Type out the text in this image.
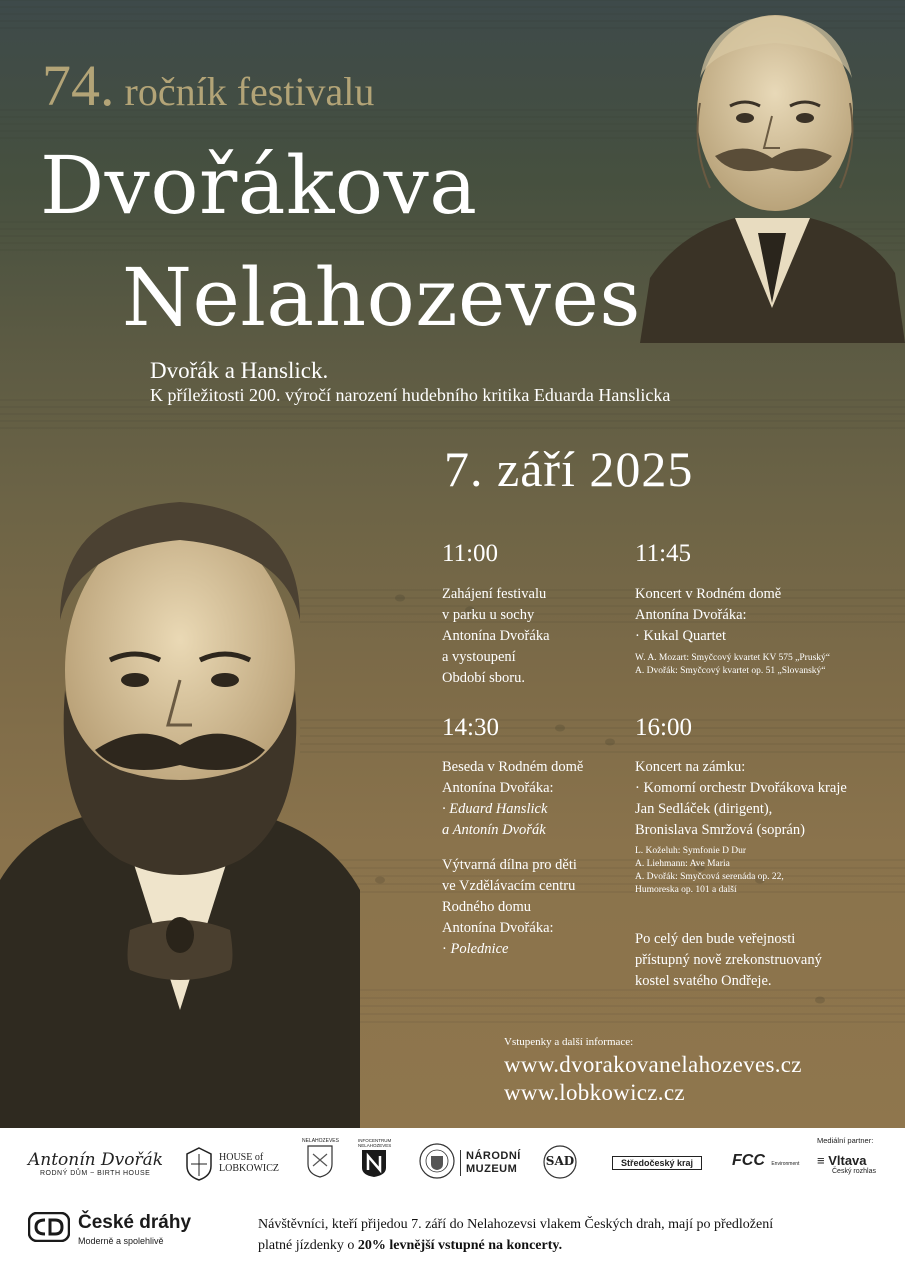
74. ročník festivalu
Dvořákova
Nelahozeves
Dvořák a Hanslick.
K příležitosti 200. výročí narození hudebního kritika Eduarda Hanslicka
7. září 2025
11:00
Zahájení festivalu
v parku u sochy
Antonína Dvořáka
a vystoupení
Období sboru.
11:45
Koncert v Rodném domě
Antonína Dvořáka:
· Kukal Quartet
W. A. Mozart: Smyčcový kvartet KV 575 „Pruský“
A. Dvořák: Smyčcový kvartet op. 51 „Slovanský“
14:30
Beseda v Rodném domě
Antonína Dvořáka:
· Eduard Hanslick
a Antonín Dvořák
Výtvarná dílna pro děti
ve Vzdělávacím centru
Rodného domu
Antonína Dvořáka:
· Polednice
16:00
Koncert na zámku:
· Komorní orchestr Dvořákova kraje
Jan Sedláček (dirigent),
Bronislava Smržová (soprán)
L. Koželuh: Symfonie D Dur
A. Liehmann: Ave Maria
A. Dvořák: Smyčcová serenáda op. 22,
Humoreska op. 101 a další
Po celý den bude veřejnosti
přístupný nově zrekonstruovaný
kostel svatého Ondřeje.
Vstupenky a další informace:
www.dvorakovanelahozeves.cz
www.lobkowicz.cz
Antonín Dvořák
RODNÝ DŮM ~ BIRTH HOUSE
HOUSE of
LOBKOWICZ
NELAHOZEVES	INFOCENTRUM
NELAHOZEVES
NÁRODNÍ
MUZEUM
SAD	Středočeský kraj	FCC Environment
Mediální partner:
≡ Vltava
Český rozhlas
České dráhy
Moderně a spolehlivě
Návštěvníci, kteří přijedou 7. září do Nelahozevsi vlakem Českých drah, mají po předložení
platné jízdenky o 20% levnější vstupné na koncerty.
